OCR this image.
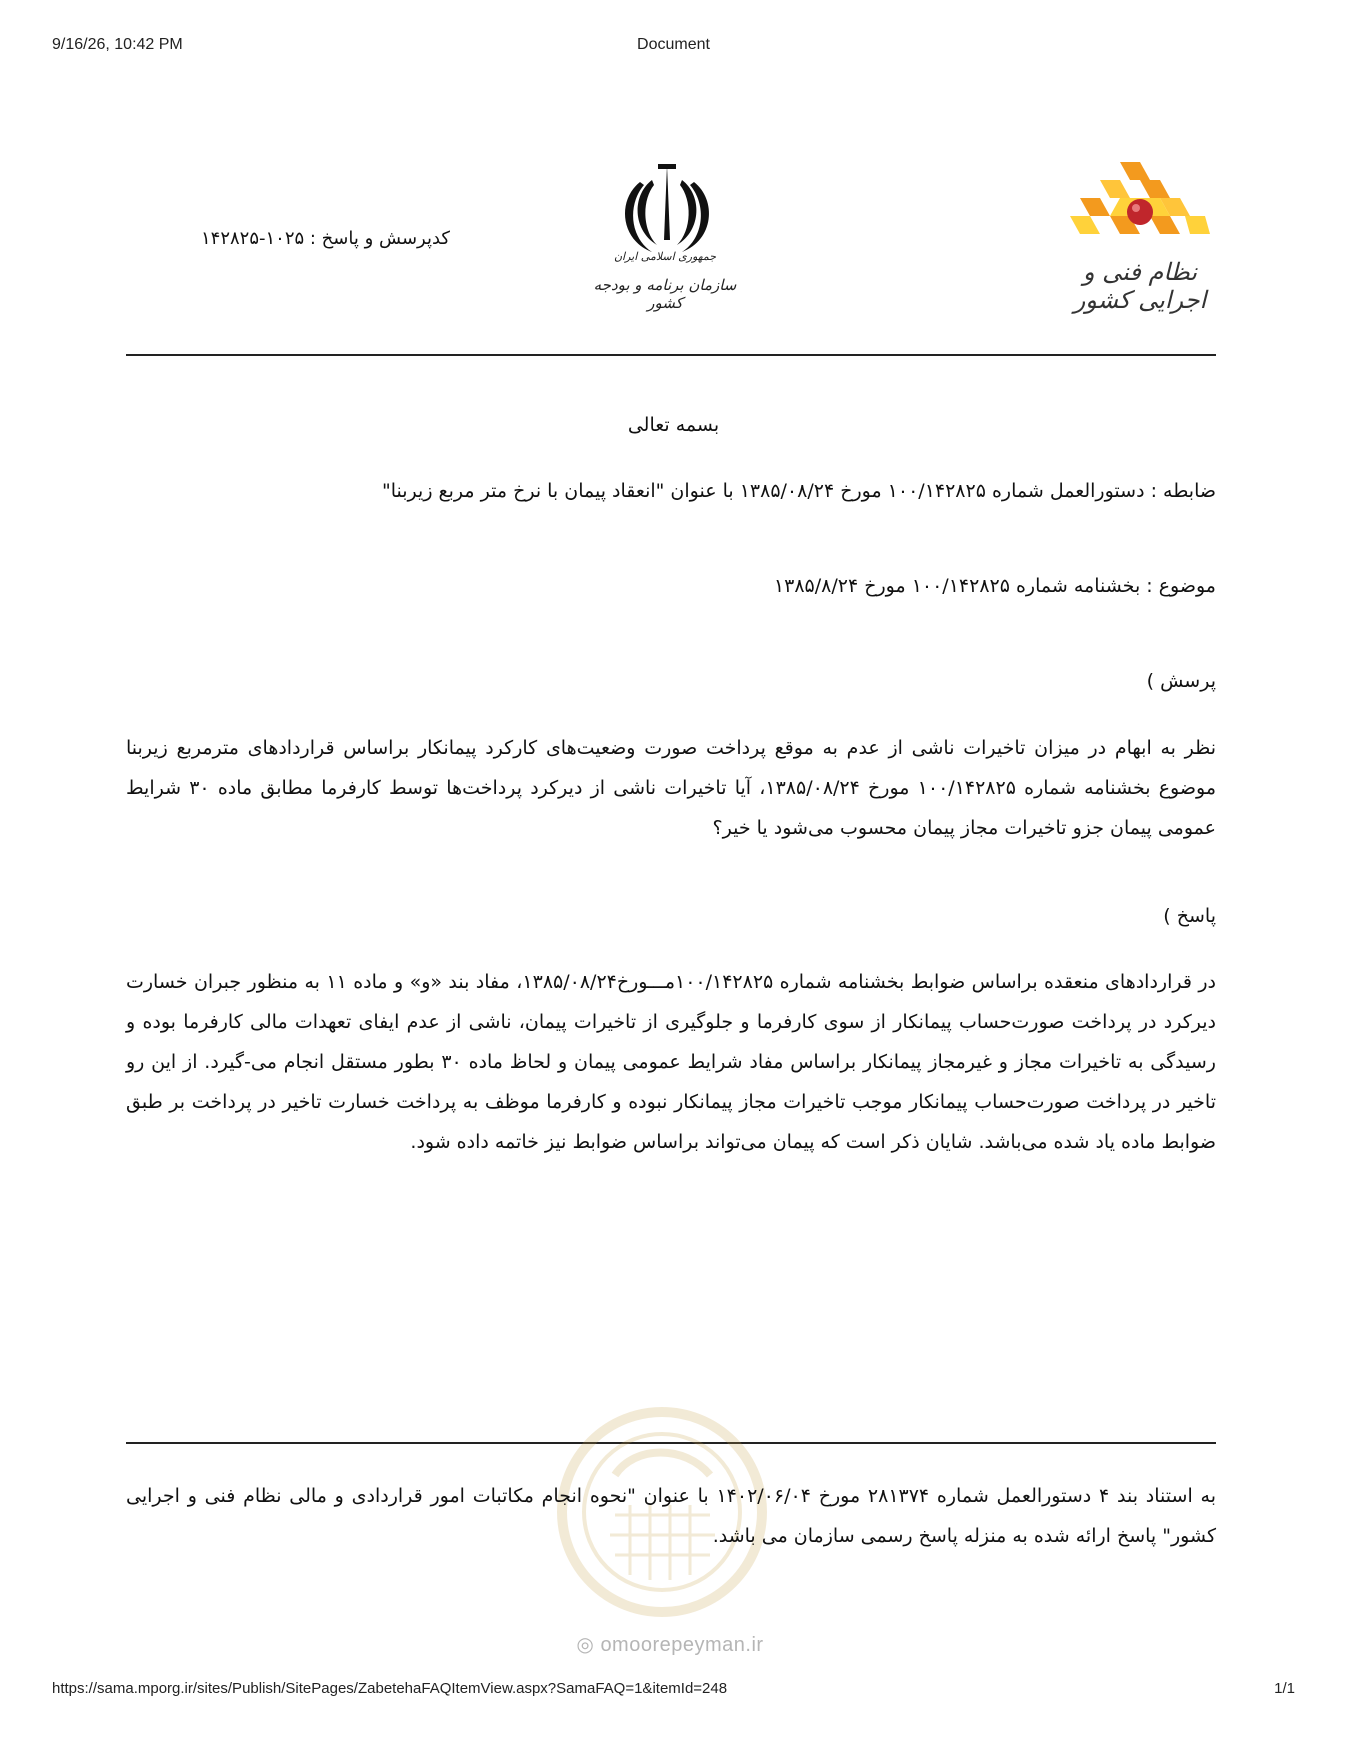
9/16/26, 10:42 PM	Document
نظام فنی و اجرایی کشور
جمهوری اسلامی ایران
سازمان برنامه و بودجه کشور
کدپرسش و پاسخ : ۱۰۲۵-۱۴۲۸۲۵
بسمه تعالی
ضابطه : دستورالعمل شماره ۱۰۰/۱۴۲۸۲۵ مورخ ۱۳۸۵/۰۸/۲۴ با عنوان "انعقاد پیمان با نرخ متر مربع زیربنا"
موضوع : بخشنامه شماره ۱۰۰/۱۴۲۸۲۵ مورخ ۱۳۸۵/۸/۲۴
پرسش )
نظر به ابهام در میزان تاخیرات ناشی از عدم به موقع پرداخت صورت وضعیت‌های کارکرد پیمانکار براساس قراردادهای مترمربع زیربنا موضوع بخشنامه شماره ۱۰۰/۱۴۲۸۲۵ مورخ ۱۳۸۵/۰۸/۲۴، آیا تاخیرات ناشی از دیرکرد پرداخت‌ها توسط کارفرما مطابق ماده ۳۰ شرایط عمومی پیمان جزو تاخیرات مجاز پیمان محسوب می‌شود یا خیر؟
پاسخ )
در قراردادهای منعقده براساس ضوابط بخشنامه شماره ۱۰۰/۱۴۲۸۲۵مـــورخ۱۳۸۵/۰۸/۲۴، مفاد بند «و» و ماده ۱۱ به منظور جبران خسارت دیرکرد در پرداخت صورت‌حساب پیمانکار از سوی کارفرما و جلوگیری از تاخیرات پیمان، ناشی از عدم ایفای تعهدات مالی کارفرما بوده و رسیدگی به تاخیرات مجاز و غیرمجاز پیمانکار براساس مفاد شرایط عمومی پیمان و لحاظ ماده ۳۰ بطور مستقل انجام می-گیرد. از این رو تاخیر در پرداخت صورت‌حساب پیمانکار موجب تاخیرات مجاز پیمانکار نبوده و کارفرما موظف به پرداخت خسارت تاخیر در پرداخت بر طبق ضوابط ماده یاد شده می‌باشد. شایان ذکر است که پیمان می‌تواند براساس ضوابط نیز خاتمه داده شود.
به استناد بند ۴ دستورالعمل شماره ۲۸۱۳۷۴ مورخ ۱۴۰۲/۰۶/۰۴ با عنوان "نحوه انجام مکاتبات امور قراردادی و مالی نظام فنی و اجرایی کشور" پاسخ ارائه شده به منزله پاسخ رسمی سازمان می باشد.
◎ omoorepeyman.ir
https://sama.mporg.ir/sites/Publish/SitePages/ZabetehaFAQItemView.aspx?SamaFAQ=1&itemId=248	1/1
